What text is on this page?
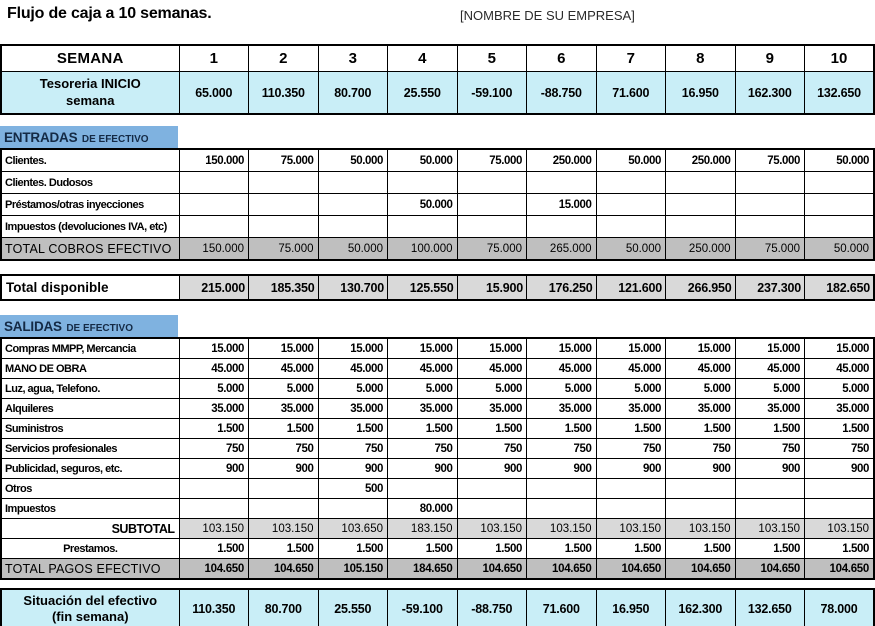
Flujo de caja a 10 semanas.	[NOMBRE DE SU EMPRESA]
SEMANA	1	2	3	4	5	6	7	8	9	10
Tesoreria INICIO semana	65.000	110.350	80.700	25.550	-59.100	-88.750	71.600	16.950	162.300	132.650
ENTRADAS DE EFECTIVO
Clientes.	150.000	75.000	50.000	50.000	75.000	250.000	50.000	250.000	75.000	50.000
Clientes. Dudosos										
Préstamos/otras inyecciones				50.000		15.000				
Impuestos (devoluciones IVA, etc)										
TOTAL COBROS EFECTIVO	150.000	75.000	50.000	100.000	75.000	265.000	50.000	250.000	75.000	50.000
Total disponible	215.000	185.350	130.700	125.550	15.900	176.250	121.600	266.950	237.300	182.650
SALIDAS DE EFECTIVO
Compras MMPP, Mercancia	15.000	15.000	15.000	15.000	15.000	15.000	15.000	15.000	15.000	15.000
MANO DE OBRA	45.000	45.000	45.000	45.000	45.000	45.000	45.000	45.000	45.000	45.000
Luz, agua, Telefono.	5.000	5.000	5.000	5.000	5.000	5.000	5.000	5.000	5.000	5.000
Alquileres	35.000	35.000	35.000	35.000	35.000	35.000	35.000	35.000	35.000	35.000
Suministros	1.500	1.500	1.500	1.500	1.500	1.500	1.500	1.500	1.500	1.500
Servicios profesionales	750	750	750	750	750	750	750	750	750	750
Publicidad, seguros, etc.	900	900	900	900	900	900	900	900	900	900
Otros			500							
Impuestos				80.000						
SUBTOTAL	103.150	103.150	103.650	183.150	103.150	103.150	103.150	103.150	103.150	103.150
Prestamos.	1.500	1.500	1.500	1.500	1.500	1.500	1.500	1.500	1.500	1.500
TOTAL PAGOS EFECTIVO	104.650	104.650	105.150	184.650	104.650	104.650	104.650	104.650	104.650	104.650
Situación del efectivo (fin semana)	110.350	80.700	25.550	-59.100	-88.750	71.600	16.950	162.300	132.650	78.000
